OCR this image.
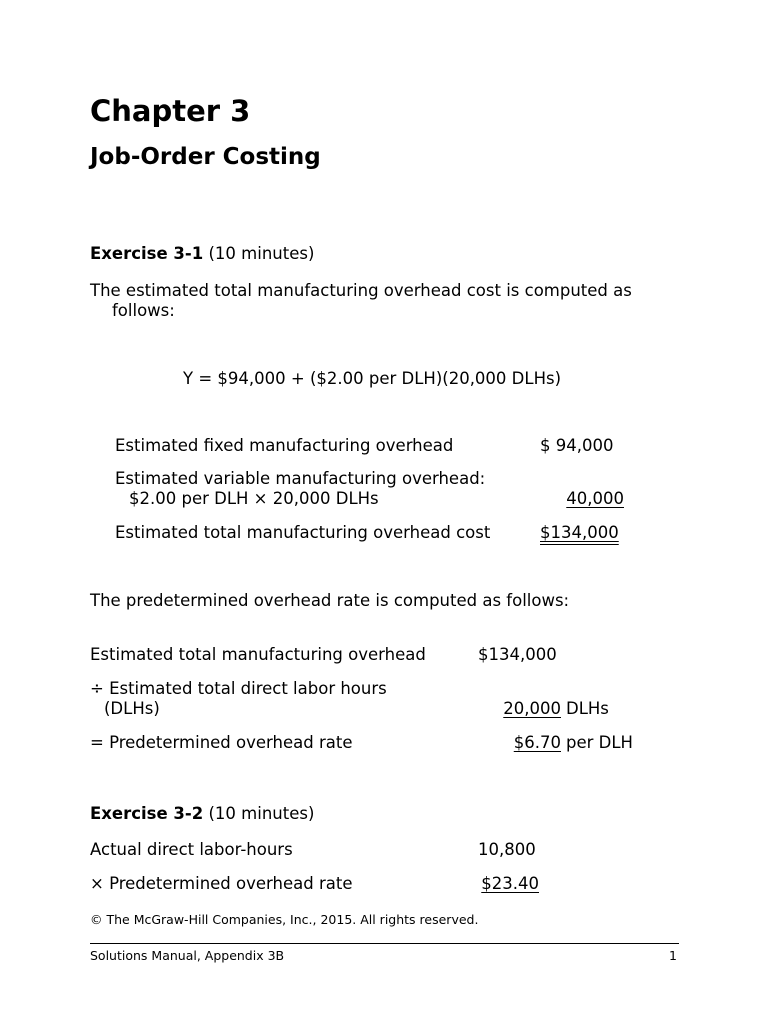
Chapter 3
Job-Order Costing
Exercise 3-1 (10 minutes)
The estimated total manufacturing overhead cost is computed as
follows:
Y = $94,000 + ($2.00 per DLH)(20,000 DLHs)
Estimated fixed manufacturing overhead	$ 94,000
Estimated variable manufacturing overhead:
$2.00 per DLH × 20,000 DLHs	40,000
Estimated total manufacturing overhead cost	$134,000
The predetermined overhead rate is computed as follows:
Estimated total manufacturing overhead	$134,000
÷ Estimated total direct labor hours
(DLHs)	20,000 DLHs
= Predetermined overhead rate	$6.70 per DLH
Exercise 3-2 (10 minutes)
Actual direct labor-hours	10,800
× Predetermined overhead rate	$23.40
© The McGraw-Hill Companies, Inc., 2015. All rights reserved.
Solutions Manual, Appendix 3B	1
